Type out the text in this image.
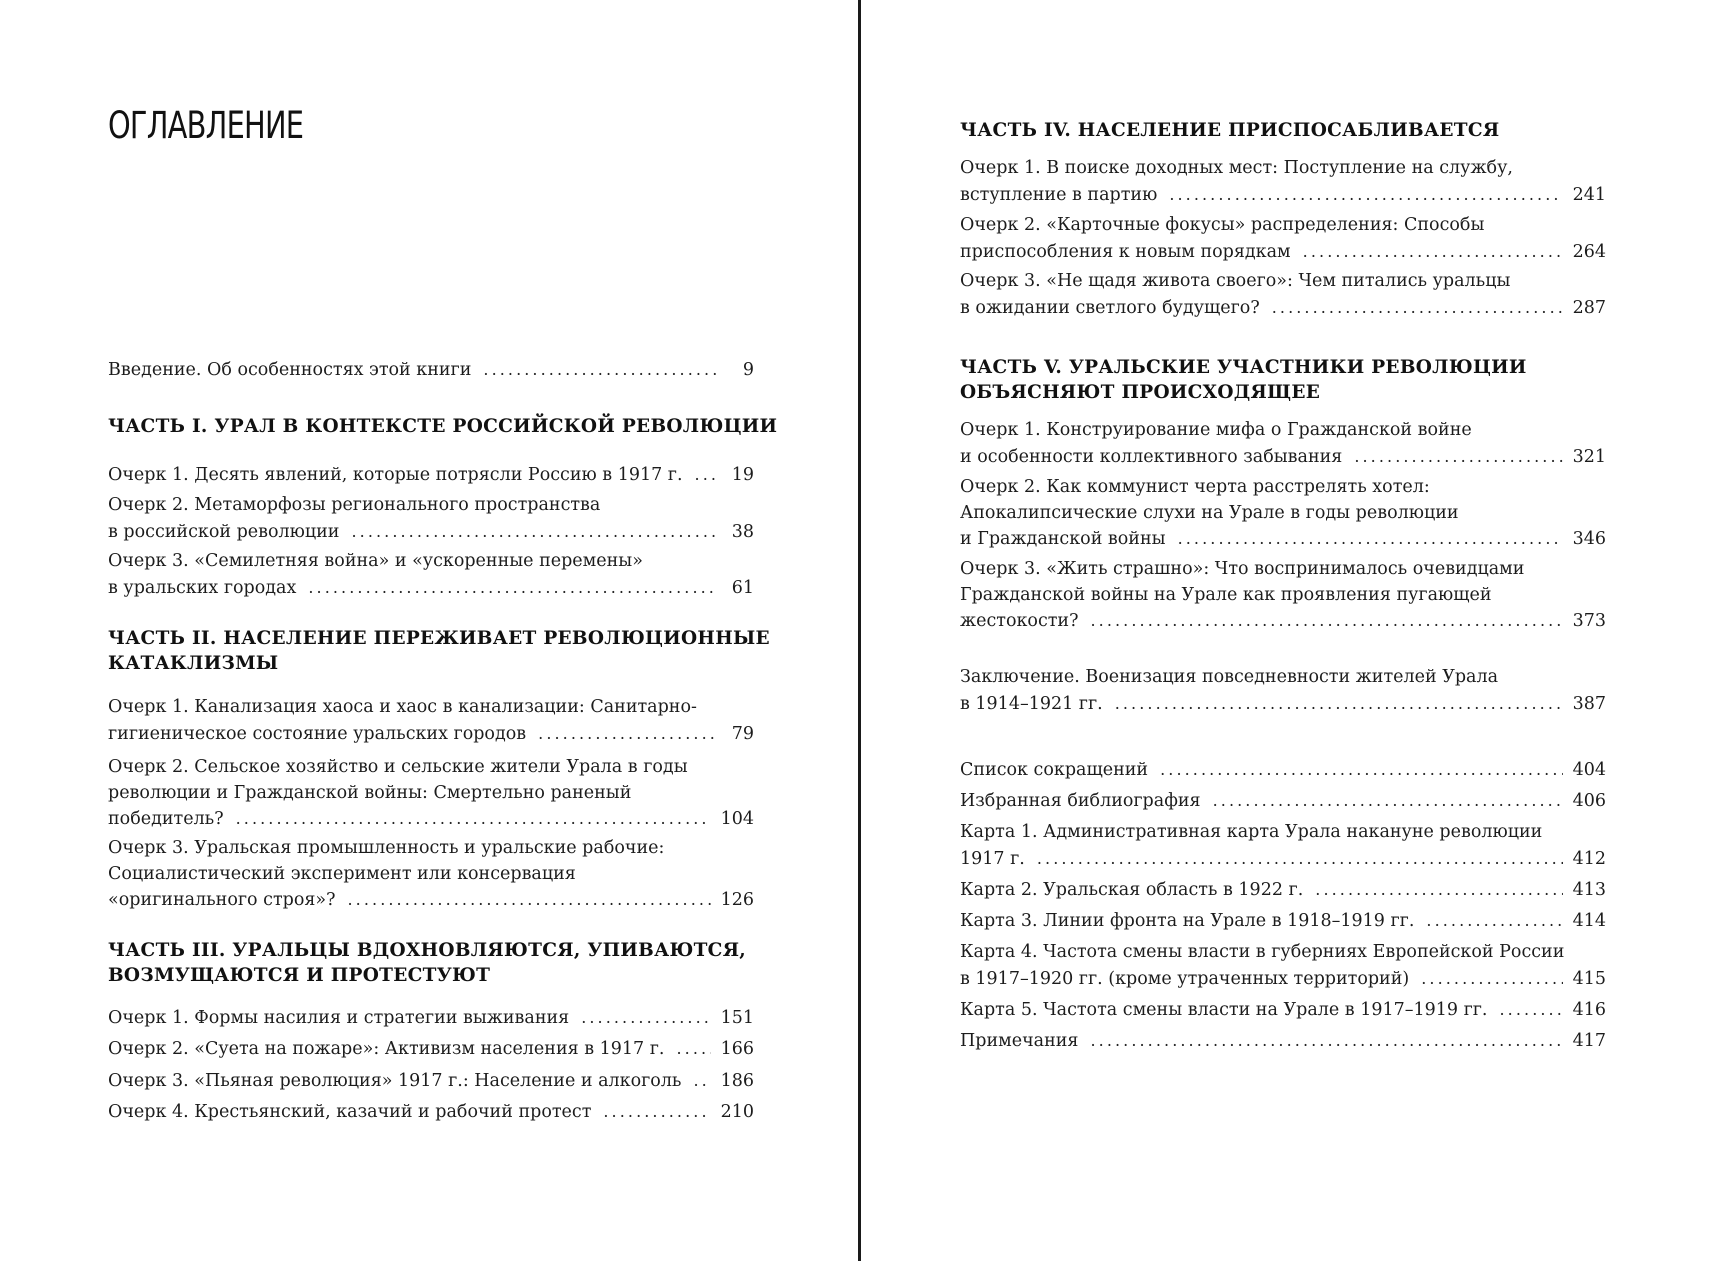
ОГЛАВЛЕНИЕ
Введение. Об особенностях этой книги . . .	9
ЧАСТЬ I. УРАЛ В КОНТЕКСТЕ РОССИЙСКОЙ РЕВОЛЮЦИИ
Очерк 1. Десять явлений, которые потрясли Россию в 1917 г. . . .	19
Очерк 2. Метаморфозы регионального пространства
в российской революции . . .	38
Очерк 3. «Семилетняя война» и «ускоренные перемены»
в уральских городах . . .	61
ЧАСТЬ II. НАСЕЛЕНИЕ ПЕРЕЖИВАЕТ РЕВОЛЮЦИОННЫЕ
КАТАКЛИЗМЫ
Очерк 1. Канализация хаоса и хаос в канализации: Санитарно-
гигиеническое состояние уральских городов . . .	79
Очерк 2. Сельское хозяйство и сельские жители Урала в годы
революции и Гражданской войны: Смертельно раненый
победитель? . . .	104
Очерк 3. Уральская промышленность и уральские рабочие:
Социалистический эксперимент или консервация
«оригинального строя»? . . .	126
ЧАСТЬ III. УРАЛЬЦЫ ВДОХНОВЛЯЮТСЯ, УПИВАЮТСЯ,
ВОЗМУЩАЮТСЯ И ПРОТЕСТУЮТ
Очерк 1. Формы насилия и стратегии выживания . . .	151
Очерк 2. «Суета на пожаре»: Активизм населения в 1917 г. . . .	166
Очерк 3. «Пьяная революция» 1917 г.: Население и алкоголь . . . 186
Очерк 4. Крестьянский, казачий и рабочий протест . . .	210
ЧАСТЬ IV. НАСЕЛЕНИЕ ПРИСПОСАБЛИВАЕТСЯ
Очерк 1. В поиске доходных мест: Поступление на службу,
вступление в партию . . .	241
Очерк 2. «Карточные фокусы» распределения: Способы
приспособления к новым порядкам . . .	264
Очерк 3. «Не щадя живота своего»: Чем питались уральцы
в ожидании светлого будущего? . . .	287
ЧАСТЬ V. УРАЛЬСКИЕ УЧАСТНИКИ РЕВОЛЮЦИИ
ОБЪЯСНЯЮТ ПРОИСХОДЯЩЕЕ
Очерк 1. Конструирование мифа о Гражданской войне
и особенности коллективного забывания . . .	321
Очерк 2. Как коммунист черта расстрелять хотел:
Апокалипсические слухи на Урале в годы революции
и Гражданской войны . . .	346
Очерк 3. «Жить страшно»: Что воспринималось очевидцами
Гражданской войны на Урале как проявления пугающей
жестокости? . . .	373
Заключение. Военизация повседневности жителей Урала
в 1914–1921 гг. . . .	387
Список сокращений . . .	404
Избранная библиография . . .	406
Карта 1. Административная карта Урала накануне революции
1917 г. . . .	412
Карта 2. Уральская область в 1922 г. . . .	413
Карта 3. Линии фронта на Урале в 1918–1919 гг. . . .	414
Карта 4. Частота смены власти в губерниях Европейской России
в 1917–1920 гг. (кроме утраченных территорий) . . .	415
Карта 5. Частота смены власти на Урале в 1917–1919 гг. . . .	416
Примечания . . .	417
